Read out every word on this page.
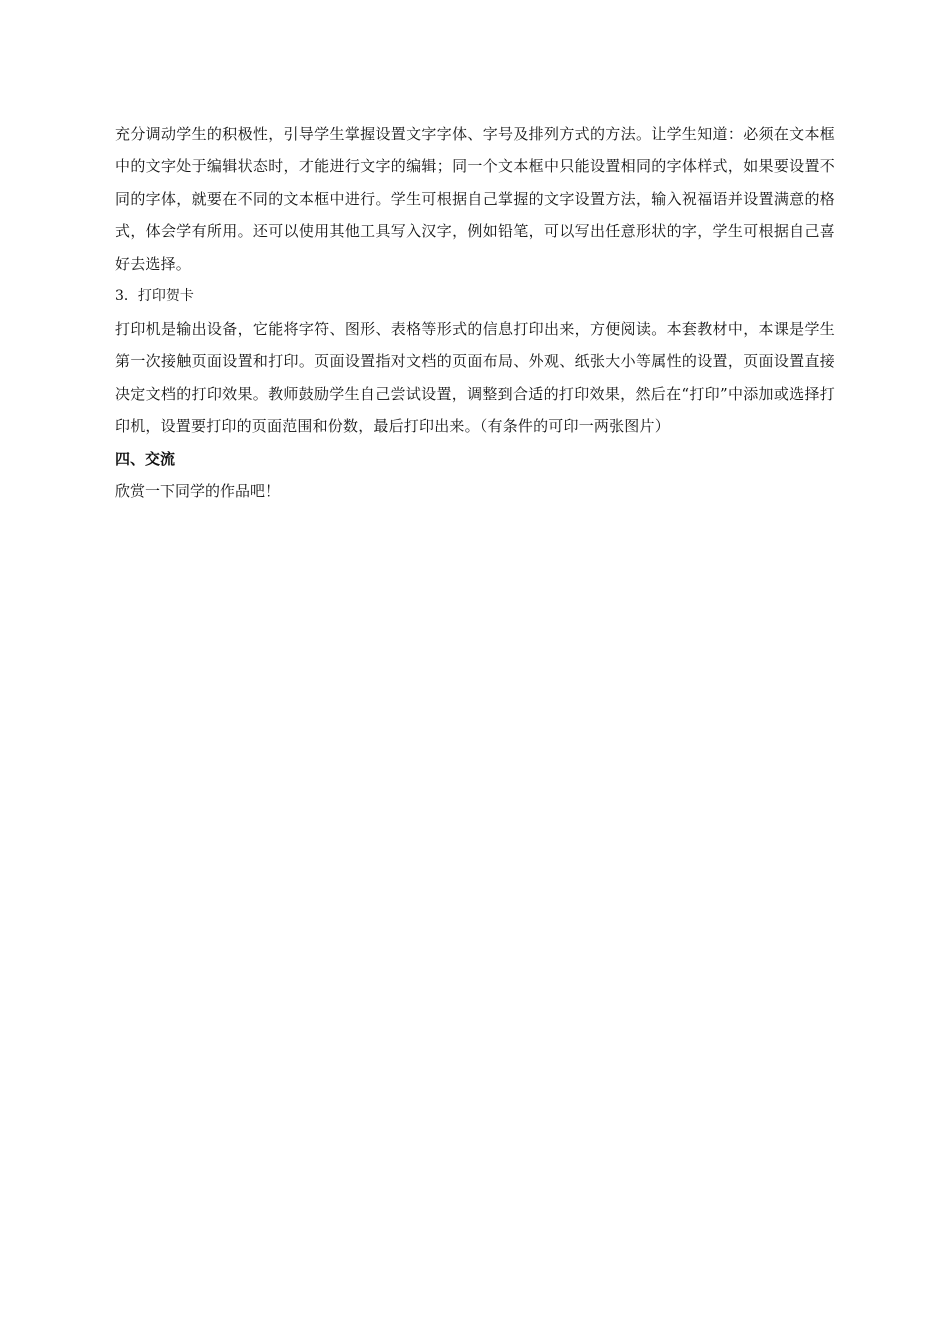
充分调动学生的积极性，引导学生掌握设置文字字体、字号及排列方式的方法。让学生知道：必须在文本框中的文字处于编辑状态时，才能进行文字的编辑；同一个文本框中只能设置相同的字体样式，如果要设置不同的字体，就要在不同的文本框中进行。学生可根据自己掌握的文字设置方法，输入祝福语并设置满意的格式，体会学有所用。还可以使用其他工具写入汉字，例如铅笔，可以写出任意形状的字，学生可根据自己喜好去选择。

3．打印贺卡

打印机是输出设备，它能将字符、图形、表格等形式的信息打印出来，方便阅读。本套教材中，本课是学生第一次接触页面设置和打印。页面设置指对文档的页面布局、外观、纸张大小等属性的设置，页面设置直接决定文档的打印效果。教师鼓励学生自己尝试设置，调整到合适的打印效果，然后在“打印”中添加或选择打印机，设置要打印的页面范围和份数，最后打印出来。（有条件的可印一两张图片）

四、交流

欣赏一下同学的作品吧！
